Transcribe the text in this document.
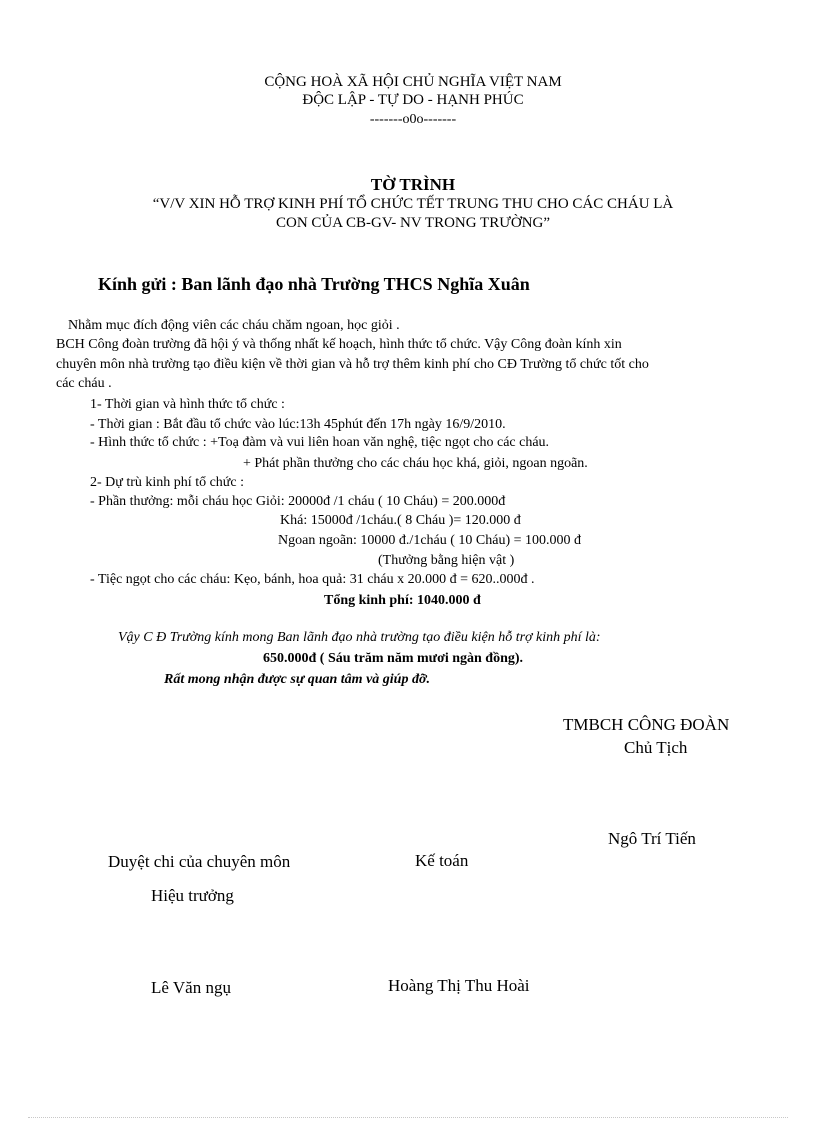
CỘNG HOÀ XÃ HỘI CHỦ NGHĨA VIỆT NAM
ĐỘC LẬP - TỰ DO - HẠNH PHÚC
-------o0o-------
TỜ TRÌNH
“V/V XIN HỖ TRỢ KINH PHÍ TỔ CHỨC TẾT TRUNG THU CHO CÁC CHÁU LÀ
CON CỦA CB-GV- NV TRONG TRƯỜNG”
Kính gửi : Ban lãnh đạo nhà Trường THCS Nghĩa Xuân
Nhằm mục đích động viên các cháu chăm ngoan, học giỏi .
BCH Công đoàn trường đã hội ý và thống nhất kế hoạch, hình thức tổ chức. Vậy Công đoàn kính xin
chuyên môn nhà trường tạo điều kiện về thời gian và hỗ trợ thêm kinh phí cho CĐ Trường tổ chức tốt cho
các cháu .
1- Thời gian và hình thức tổ chức :
- Thời gian : Bắt đầu tổ chức vào lúc:13h 45phút đến 17h ngày 16/9/2010.
- Hình thức tổ chức : +Toạ đàm và vui liên hoan văn nghệ, tiệc ngọt cho các cháu.
+ Phát phần thưởng cho các cháu học khá, giỏi, ngoan ngoãn.
2- Dự trù kinh phí tổ chức :
- Phần thưởng: mỗi cháu học Giỏi: 20000đ /1 cháu ( 10 Cháu) = 200.000đ
Khá: 15000đ /1cháu.( 8 Cháu )= 120.000 đ
Ngoan ngoãn: 10000 đ./1cháu ( 10 Cháu) = 100.000 đ
(Thưởng bằng hiện vật )
- Tiệc ngọt cho các cháu: Kẹo, bánh, hoa quả: 31 cháu x 20.000 đ = 620..000đ .
Tổng kinh phí: 1040.000 đ
Vậy C Đ Trường kính mong Ban lãnh đạo nhà trường tạo điều kiện hỗ trợ kinh phí là:
650.000đ ( Sáu trăm năm mươi ngàn đồng).
Rất mong nhận được sự quan tâm và giúp đỡ.
TMBCH CÔNG ĐOÀN
Chủ Tịch
Ngô Trí Tiến
Duyệt chi của chuyên môn	Kế toán
Hiệu trưởng
Lê Văn ngụ	Hoàng Thị Thu Hoài
